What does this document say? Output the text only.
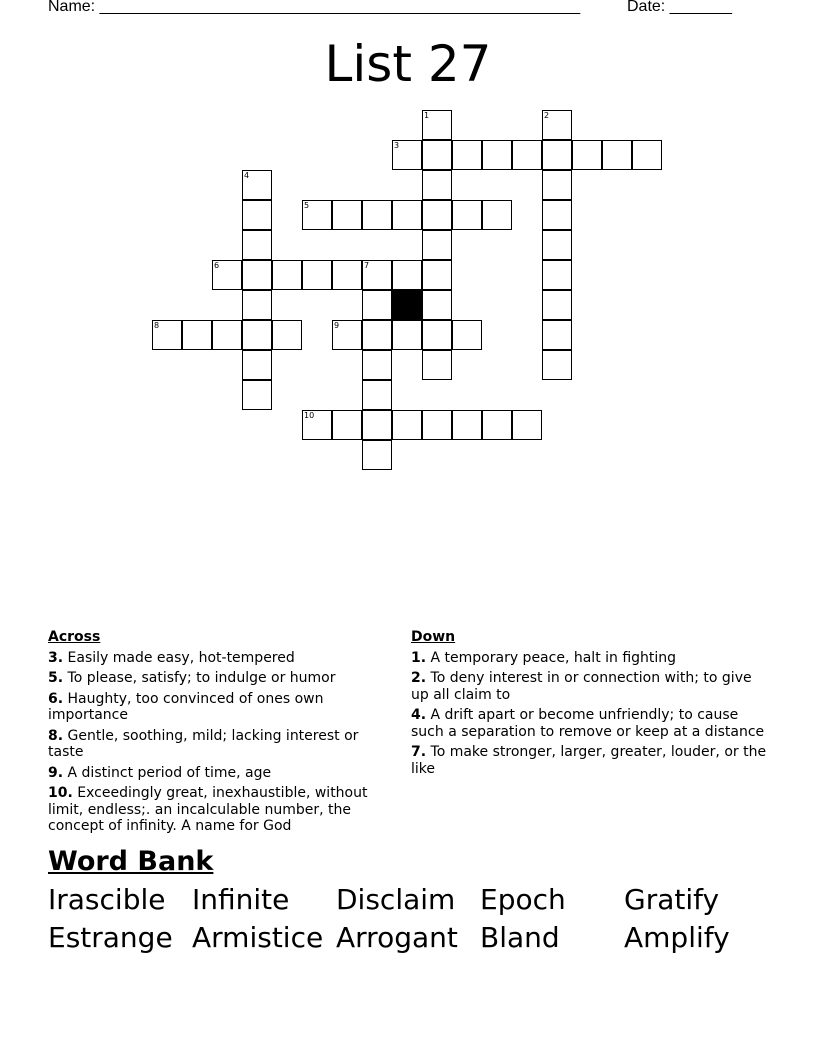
Name: ______________________________________________________	Date: _______
List 27
1	2
3
4
5
6	7
8	9
10
Across
3. Easily made easy, hot-tempered
5. To please, satisfy; to indulge or humor
6. Haughty, too convinced of ones own importance
8. Gentle, soothing, mild; lacking interest or taste
9. A distinct period of time, age
10. Exceedingly great, inexhaustible, without limit, endless;. an incalculable number, the concept of infinity. A name for God
Down
1. A temporary peace, halt in fighting
2. To deny interest in or connection with; to give up all claim to
4. A drift apart or become unfriendly; to cause such a separation to remove or keep at a distance
7. To make stronger, larger, greater, louder, or the like
Word Bank
Irascible Infinite Disclaim Epoch Gratify
Estrange Armistice Arrogant Bland Amplify
